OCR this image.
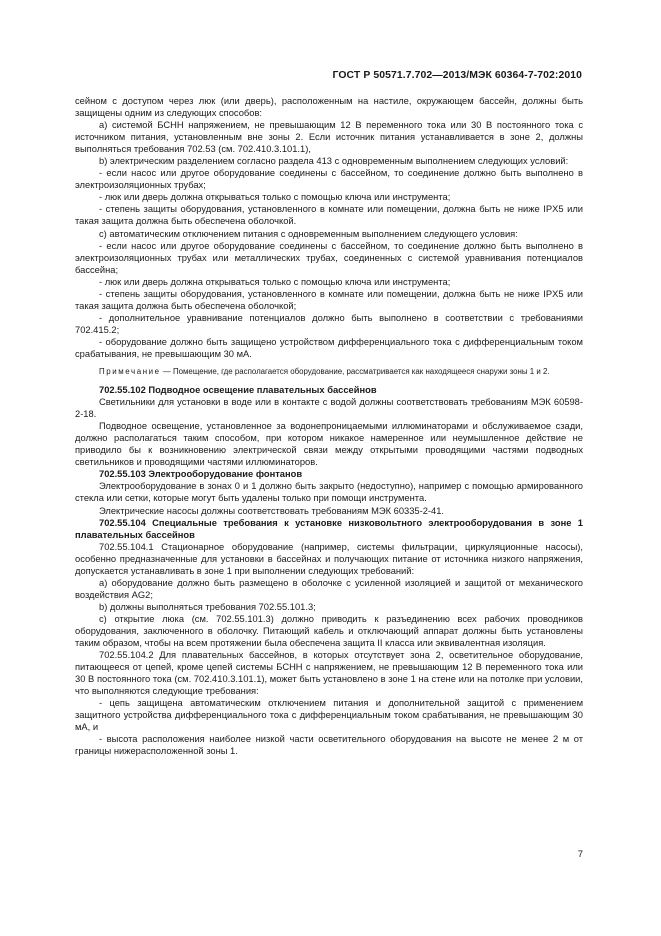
ГОСТ Р 50571.7.702—2013/МЭК 60364-7-702:2010

сейном с доступом через люк (или дверь), расположенным на настиле, окружающем бассейн, должны быть защищены одним из следующих способов:

а) системой БСНН напряжением, не превышающим 12 В переменного тока или 30 В постоянного тока с источником питания, установленным вне зоны 2. Если источник питания устанавливается в зоне 2, должны выполняться требования 702.53 (см. 702.410.3.101.1),

b) электрическим разделением согласно раздела 413 с одновременным выполнением следующих условий:

- если насос или другое оборудование соединены с бассейном, то соединение должно быть выполнено в электроизоляционных трубах;

- люк или дверь должна открываться только с помощью ключа или инструмента;

- степень защиты оборудования, установленного в комнате или помещении, должна быть не ниже IPX5 или такая защита должна быть обеспечена оболочкой.

с) автоматическим отключением питания с одновременным выполнением следующего условия:

- если насос или другое оборудование соединены с бассейном, то соединение должно быть выполнено в электроизоляционных трубах или металлических трубах, соединенных с системой уравнивания потенциалов бассейна;

- люк или дверь должна открываться только с помощью ключа или инструмента;

- степень защиты оборудования, установленного в комнате или помещении, должна быть не ниже IPX5 или такая защита должна быть обеспечена оболочкой;

- дополнительное уравнивание потенциалов должно быть выполнено в соответствии с требованиями 702.415.2;

- оборудование должно быть защищено устройством дифференциального тока с дифференциальным током срабатывания, не превышающим 30 мА.

Примечание — Помещение, где располагается оборудование, рассматривается как находящееся снаружи зоны 1 и 2.

702.55.102 Подводное освещение плавательных бассейнов

Светильники для установки в воде или в контакте с водой должны соответствовать требованиям МЭК 60598-2-18.

Подводное освещение, установленное за водонепроницаемыми иллюминаторами и обслуживаемое сзади, должно располагаться таким способом, при котором никакое намеренное или неумышленное действие не приводило бы к возникновению электрической связи между открытыми проводящими частями подводных светильников и проводящими частями иллюминаторов.

702.55.103 Электрооборудование фонтанов

Электрооборудование в зонах 0 и 1 должно быть закрыто (недоступно), например с помощью армированного стекла или сетки, которые могут быть удалены только при помощи инструмента.

Электрические насосы должны соответствовать требованиям МЭК 60335-2-41.

702.55.104 Специальные требования к установке низковольтного электрооборудования в зоне 1 плавательных бассейнов

702.55.104.1 Стационарное оборудование (например, системы фильтрации, циркуляционные насосы), особенно предназначенные для установки в бассейнах и получающих питание от источника низкого напряжения, допускается устанавливать в зоне 1 при выполнении следующих требований:

а) оборудование должно быть размещено в оболочке с усиленной изоляцией и защитой от механического воздействия AG2;

b) должны выполняться требования 702.55.101.3;

с) открытие люка (см. 702.55.101.3) должно приводить к разъединению всех рабочих проводников оборудования, заключенного в оболочку. Питающий кабель и отключающий аппарат должны быть установлены таким образом, чтобы на всем протяжении была обеспечена защита II класса или эквивалентная изоляция.

702.55.104.2 Для плавательных бассейнов, в которых отсутствует зона 2, осветительное оборудование, питающееся от цепей, кроме цепей системы БСНН с напряжением, не превышающим 12 В переменного тока или 30 В постоянного тока (см. 702.410.3.101.1), может быть установлено в зоне 1 на стене или на потолке при условии, что выполняются следующие требования:

- цепь защищена автоматическим отключением питания и дополнительной защитой с применением защитного устройства дифференциального тока с дифференциальным током срабатывания, не превышающим 30 мА, и

- высота расположения наиболее низкой части осветительного оборудования на высоте не менее 2 м от границы нижерасположенной зоны 1.

7
